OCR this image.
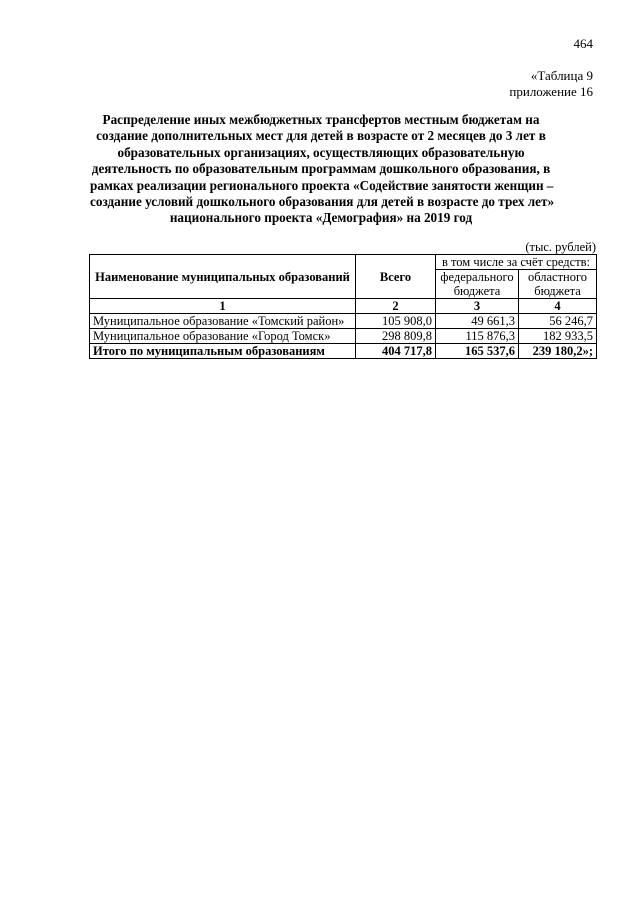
464
«Таблица 9
приложение 16
Распределение иных межбюджетных трансфертов местным бюджетам на
создание дополнительных мест для детей в возрасте от 2 месяцев до 3 лет в
образовательных организациях, осуществляющих образовательную
деятельность по образовательным программам дошкольного образования, в
рамках реализации регионального проекта «Содействие занятости женщин –
создание условий дошкольного образования для детей в возрасте до трех лет»
национального проекта «Демография» на 2019 год
(тыс. рублей)
Наименование муниципальных образований	Всего	в том числе за счёт средств:	
		федерального бюджета	областного бюджета
1	2	3	4
Муниципальное образование «Томский район»	105 908,0	49 661,3	56 246,7
Муниципальное образование «Город Томск»	298 809,8	115 876,3	182 933,5
Итого по муниципальным образованиям	404 717,8	165 537,6	239 180,2»;
